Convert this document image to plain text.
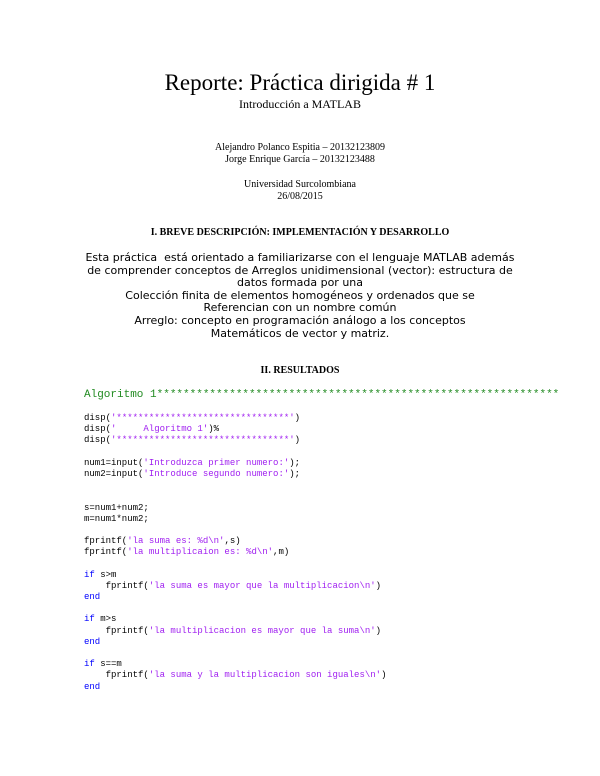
Reporte: Práctica dirigida # 1
Introducción a MATLAB
Alejandro Polanco Espitia – 20132123809
Jorge Enrique García – 20132123488
Universidad Surcolombiana
26/08/2015
I. BREVE DESCRIPCIÓN: IMPLEMENTACIÓN Y DESARROLLO
Esta práctica  está orientado a familiarizarse con el lenguaje MATLAB además
de comprender conceptos de Arreglos unidimensional (vector): estructura de
datos formada por una
Colección finita de elementos homogéneos y ordenados que se
Referencian con un nombre común
Arreglo: concepto en programación análogo a los conceptos
Matemáticos de vector y matriz.
II. RESULTADOS
Algoritmo 1*************************************************************
disp('********************************')
disp('     Algoritmo 1')%
disp('********************************')
num1=input('Introduzca primer numero:');
num2=input('Introduce segundo numero:');
s=num1+num2;
m=num1*num2;
fprintf('la suma es: %d\n',s)
fprintf('la multiplicaion es: %d\n',m)
if s>m
fprintf('la suma es mayor que la multiplicacion\n')
end
if m>s
fprintf('la multiplicacion es mayor que la suma\n')
end
if s==m
fprintf('la suma y la multiplicacion son iguales\n')
end
